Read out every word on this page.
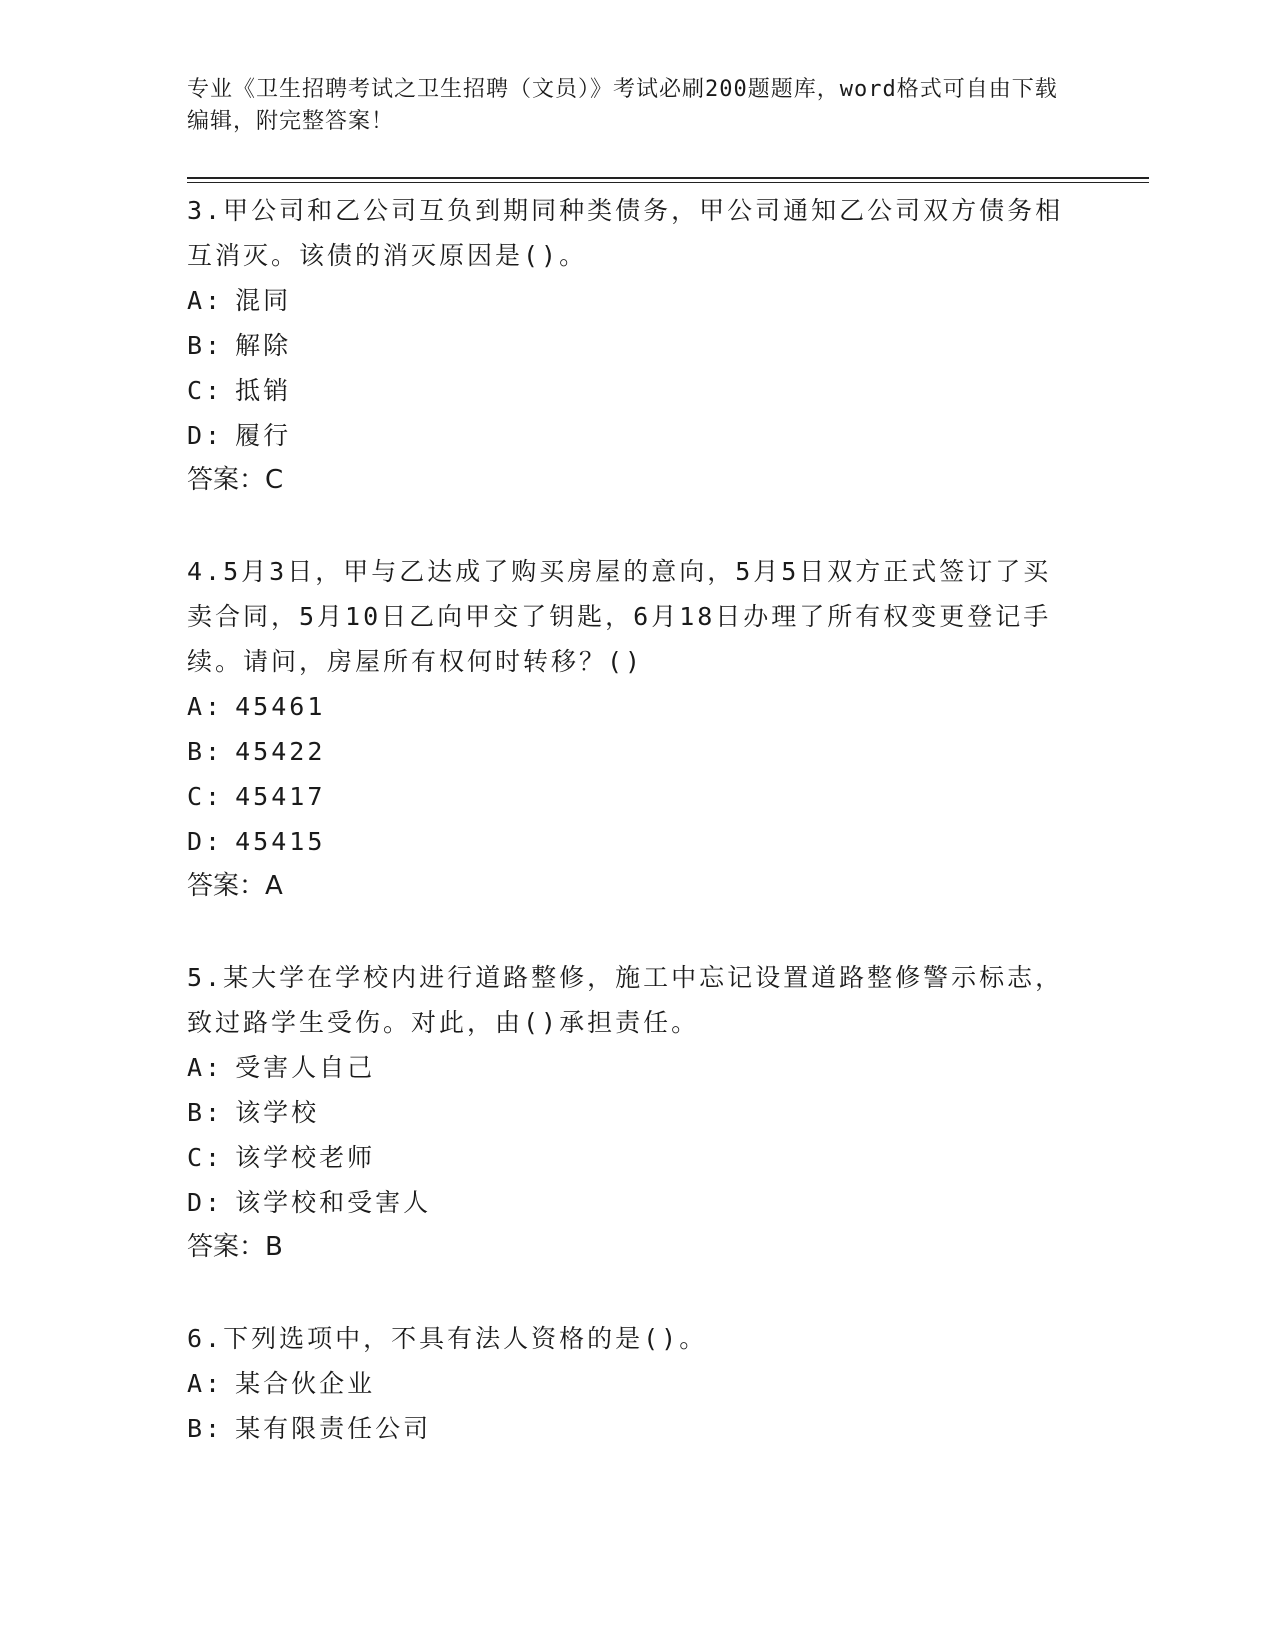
专业《卫生招聘考试之卫生招聘（文员）》考试必刷200题题库，word格式可自由下载编辑，附完整答案！

3.甲公司和乙公司互负到期同种类债务，甲公司通知乙公司双方债务相互消灭。该债的消灭原因是()。

A: 混同

B: 解除

C: 抵销

D: 履行

答案：C

4.5月3日，甲与乙达成了购买房屋的意向，5月5日双方正式签订了买卖合同，5月10日乙向甲交了钥匙，6月18日办理了所有权变更登记手续。请问，房屋所有权何时转移？()

A: 45461

B: 45422

C: 45417

D: 45415

答案：A

5.某大学在学校内进行道路整修，施工中忘记设置道路整修警示标志，致过路学生受伤。对此，由()承担责任。

A: 受害人自己

B: 该学校

C: 该学校老师

D: 该学校和受害人

答案：B

6.下列选项中，不具有法人资格的是()。

A: 某合伙企业

B: 某有限责任公司
